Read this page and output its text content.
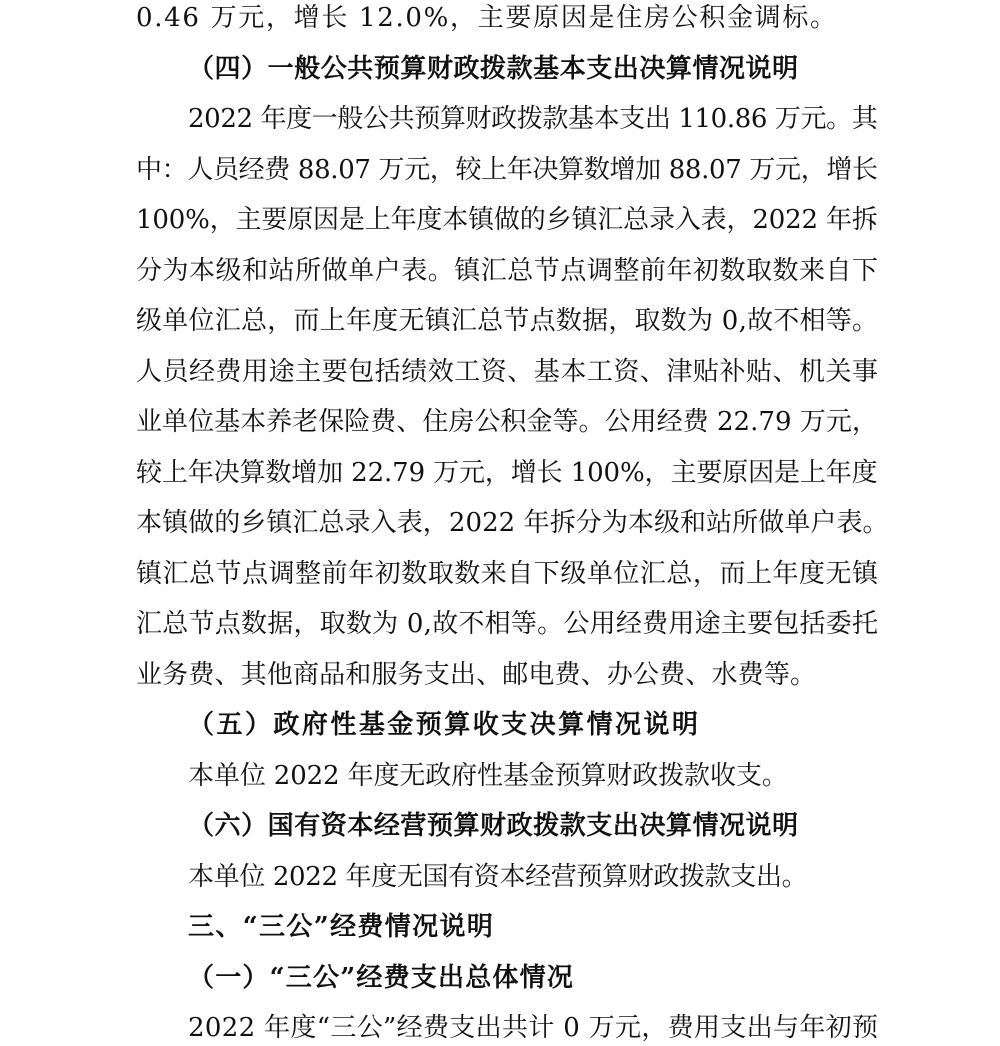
0.46 万元，增长 12.0%，主要原因是住房公积金调标。
（四）一般公共预算财政拨款基本支出决算情况说明
2022 年度一般公共预算财政拨款基本支出 110.86 万元。其
中：人员经费 88.07 万元，较上年决算数增加 88.07 万元，增长
100%，主要原因是上年度本镇做的乡镇汇总录入表，2022 年拆
分为本级和站所做单户表。镇汇总节点调整前年初数取数来自下
级单位汇总，而上年度无镇汇总节点数据，取数为 0,故不相等。
人员经费用途主要包括绩效工资、基本工资、津贴补贴、机关事
业单位基本养老保险费、住房公积金等。公用经费 22.79 万元，
较上年决算数增加 22.79 万元，增长 100%，主要原因是上年度
本镇做的乡镇汇总录入表，2022 年拆分为本级和站所做单户表。
镇汇总节点调整前年初数取数来自下级单位汇总，而上年度无镇
汇总节点数据，取数为 0,故不相等。公用经费用途主要包括委托
业务费、其他商品和服务支出、邮电费、办公费、水费等。
（五）政府性基金预算收支决算情况说明
本单位 2022 年度无政府性基金预算财政拨款收支。
（六）国有资本经营预算财政拨款支出决算情况说明
本单位 2022 年度无国有资本经营预算财政拨款支出。
三、“三公”经费情况说明
（一）“三公”经费支出总体情况
2022 年度“三公”经费支出共计 0 万元，费用支出与年初预
